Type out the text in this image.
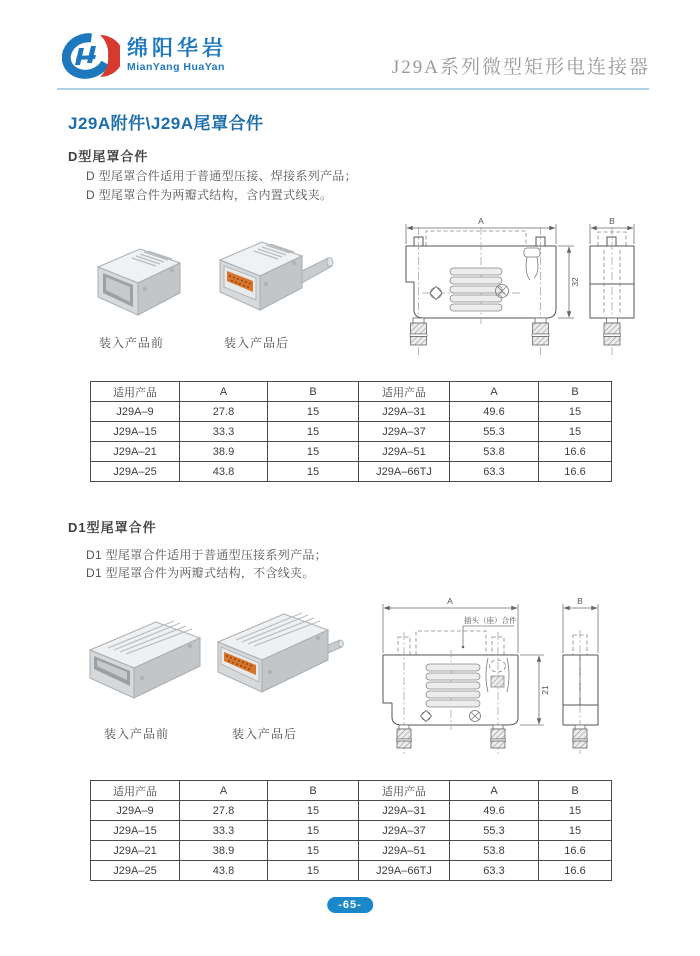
绵阳华岩
MianYang HuaYan	J29A系列微型矩形电连接器
J29A附件\J29A尾罩合件
D型尾罩合件
D 型尾罩合件适用于普通型压接、焊接系列产品；
D 型尾罩合件为两瓣式结构，含内置式线夹。
装入产品前	装入产品后
A
32
B
适用产品	A	B	适用产品	A	B
J29A–9	27.8	15	J29A–31	49.6	15
J29A–15	33.3	15	J29A–37	55.3	15
J29A–21	38.9	15	J29A–51	53.8	16.6
J29A–25	43.8	15	J29A–66TJ	63.3	16.6
D1型尾罩合件
D1 型尾罩合件适用于普通型压接系列产品；
D1 型尾罩合件为两瓣式结构，不含线夹。
装入产品前	装入产品后
A
插头（座）合件
21
B
适用产品	A	B	适用产品	A	B
J29A–9	27.8	15	J29A–31	49.6	15
J29A–15	33.3	15	J29A–37	55.3	15
J29A–21	38.9	15	J29A–51	53.8	16.6
J29A–25	43.8	15	J29A–66TJ	63.3	16.6
-65-
